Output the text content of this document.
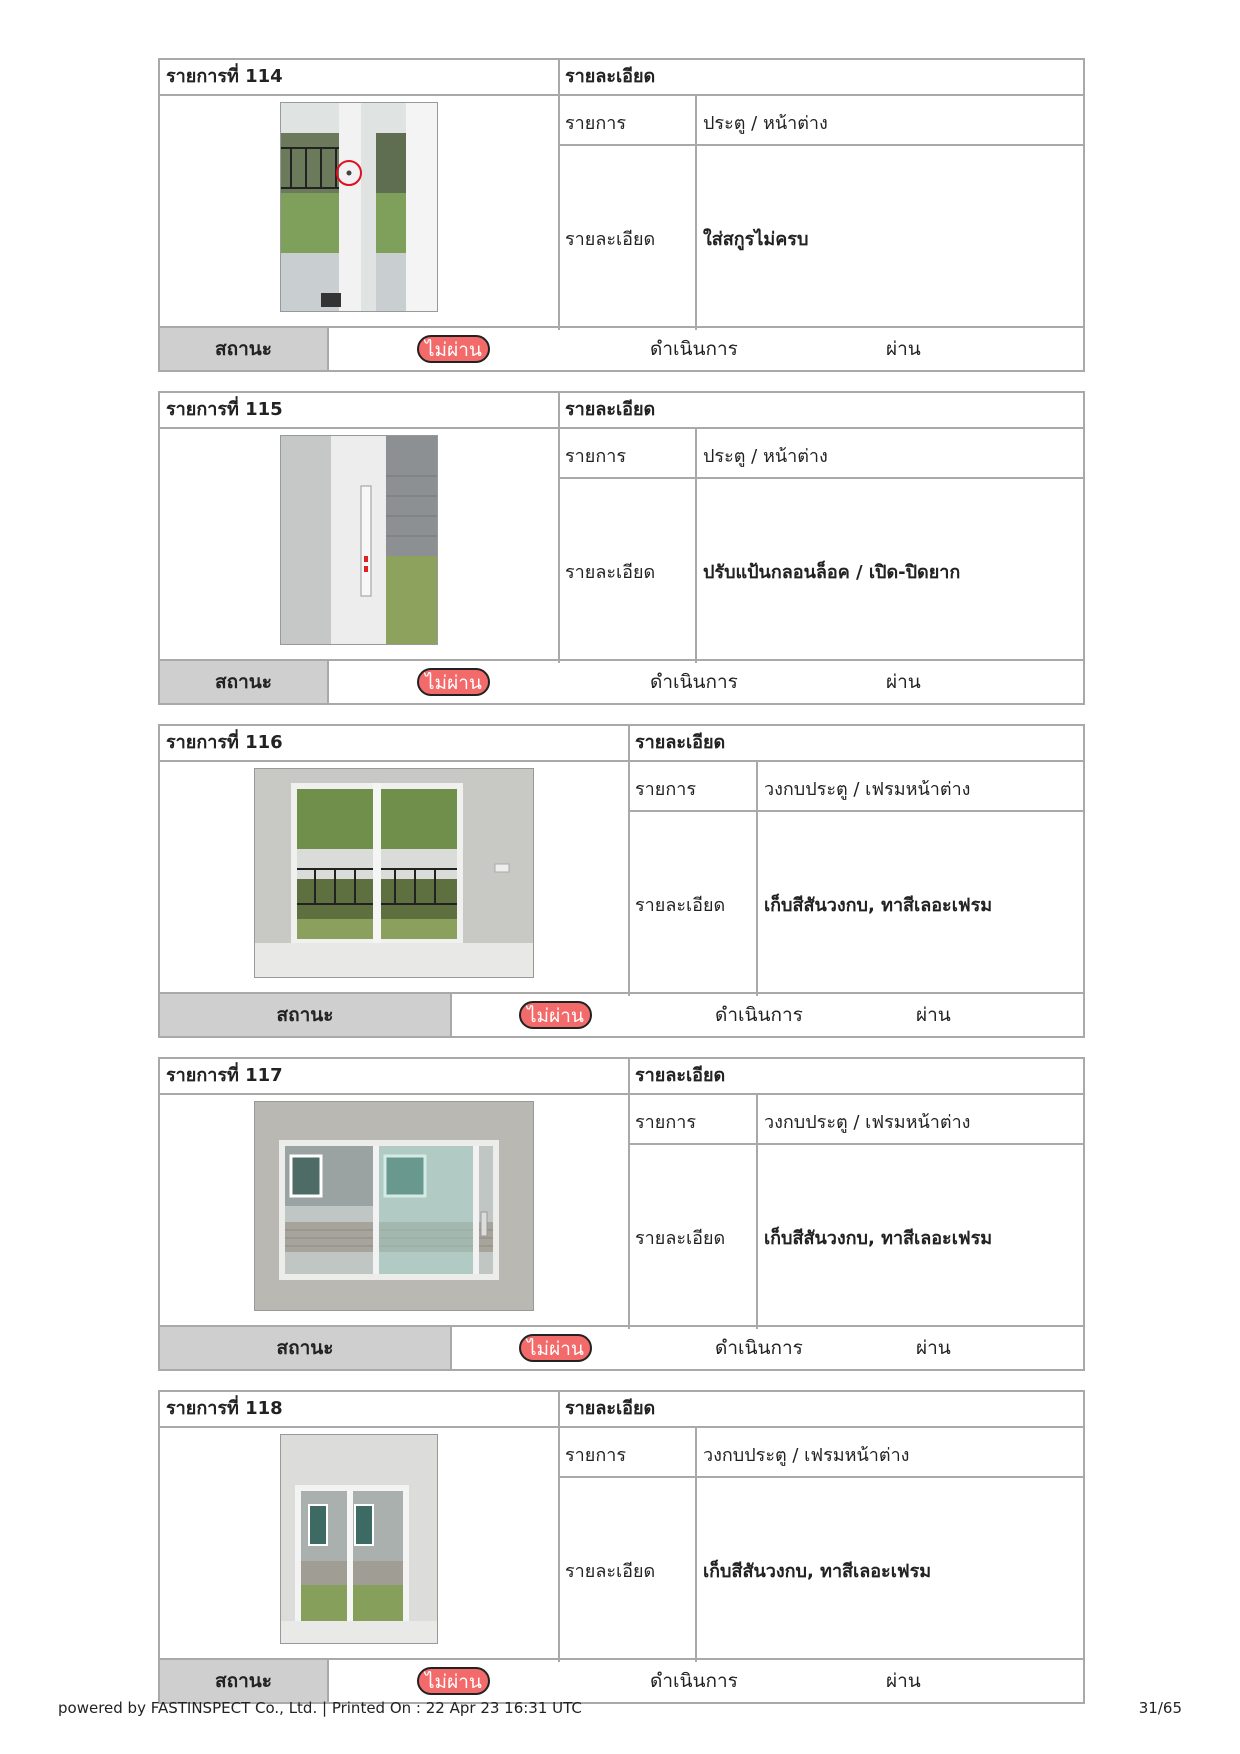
รายการที่ 114	รายละเอียด
รายการ	ประตู / หน้าต่าง
รายละเอียด	ใส่สกูรไม่ครบ
สถานะ	ไม่ผ่าน	ดำเนินการ	ผ่าน
รายการที่ 115	รายละเอียด
รายการ	ประตู / หน้าต่าง
รายละเอียด	ปรับแป้นกลอนล็อค / เปิด-ปิดยาก
สถานะ	ไม่ผ่าน	ดำเนินการ	ผ่าน
รายการที่ 116	รายละเอียด
รายการ	วงกบประตู / เฟรมหน้าต่าง
รายละเอียด เก็บสีสันวงกบ, ทาสีเลอะเฟรม
สถานะ	ไม่ผ่าน	ดำเนินการ	ผ่าน
รายการที่ 117	รายละเอียด
รายการ	วงกบประตู / เฟรมหน้าต่าง
รายละเอียด เก็บสีสันวงกบ, ทาสีเลอะเฟรม
สถานะ	ไม่ผ่าน	ดำเนินการ	ผ่าน
รายการที่ 118	รายละเอียด
รายการ	วงกบประตู / เฟรมหน้าต่าง
รายละเอียด	เก็บสีสันวงกบ, ทาสีเลอะเฟรม
สถานะ	ไม่ผ่าน	ดำเนินการ	ผ่าน
powered by FASTINSPECT Co., Ltd. | Printed On : 22 Apr 23 16:31 UTC	31/65
